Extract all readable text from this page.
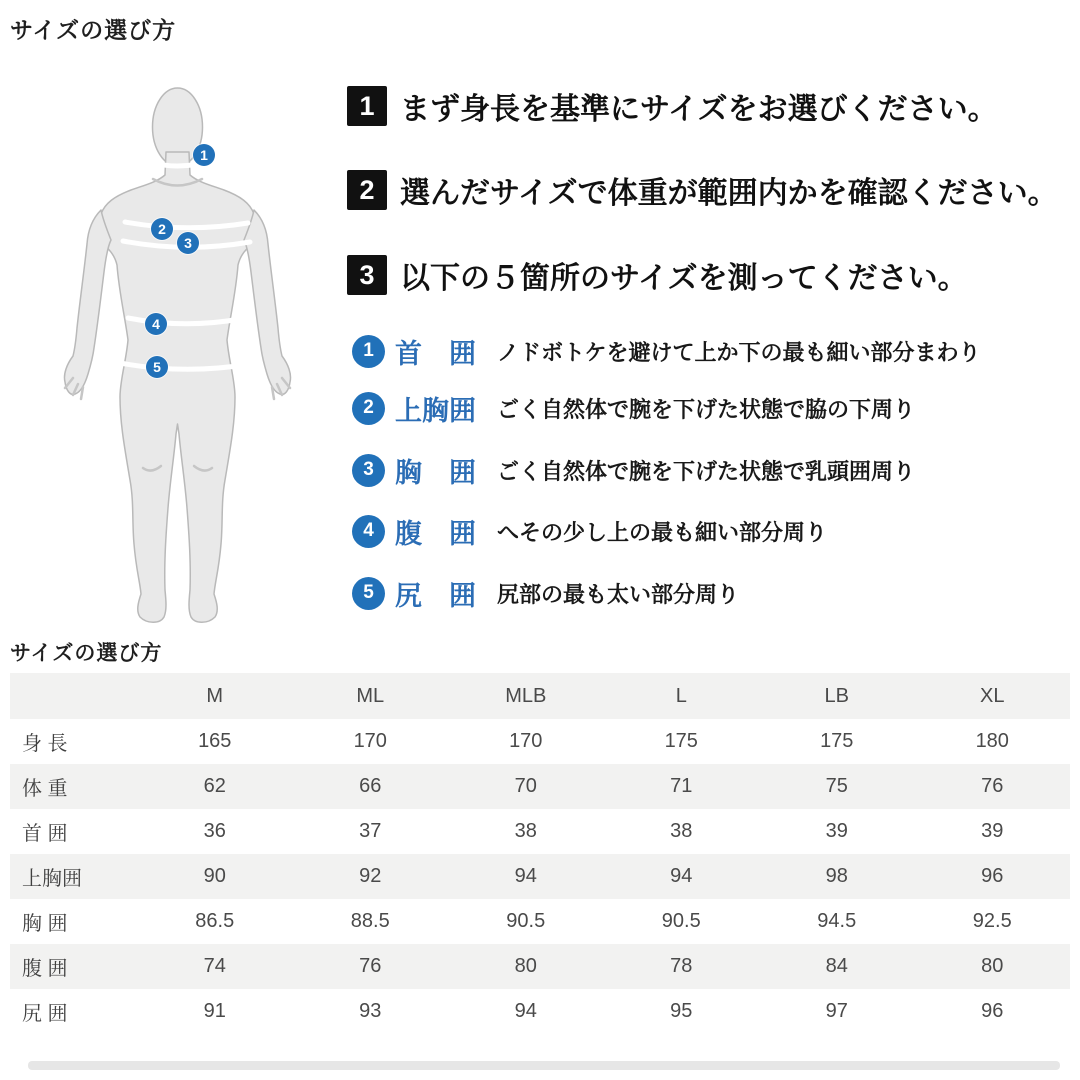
サイズの選び方
1
2
3
4
5
1 まず身長を基準にサイズをお選びください。
2 選んだサイズで体重が範囲内かを確認ください。
3 以下の５箇所のサイズを測ってください。
1 首　囲 ノドボトケを避けて上か下の最も細い部分まわり
2 上胸囲 ごく自然体で腕を下げた状態で脇の下周り
3 胸　囲 ごく自然体で腕を下げた状態で乳頭囲周り
4 腹　囲 へその少し上の最も細い部分周り
5 尻　囲 尻部の最も太い部分周り
サイズの選び方
	M	ML	MLB	L	LB	XL
身 長	165	170	170	175	175	180
体 重	62	66	70	71	75	76
首 囲	36	37	38	38	39	39
上胸囲	90	92	94	94	98	96
胸 囲	86.5	88.5	90.5	90.5	94.5	92.5
腹 囲	74	76	80	78	84	80
尻 囲	91	93	94	95	97	96
